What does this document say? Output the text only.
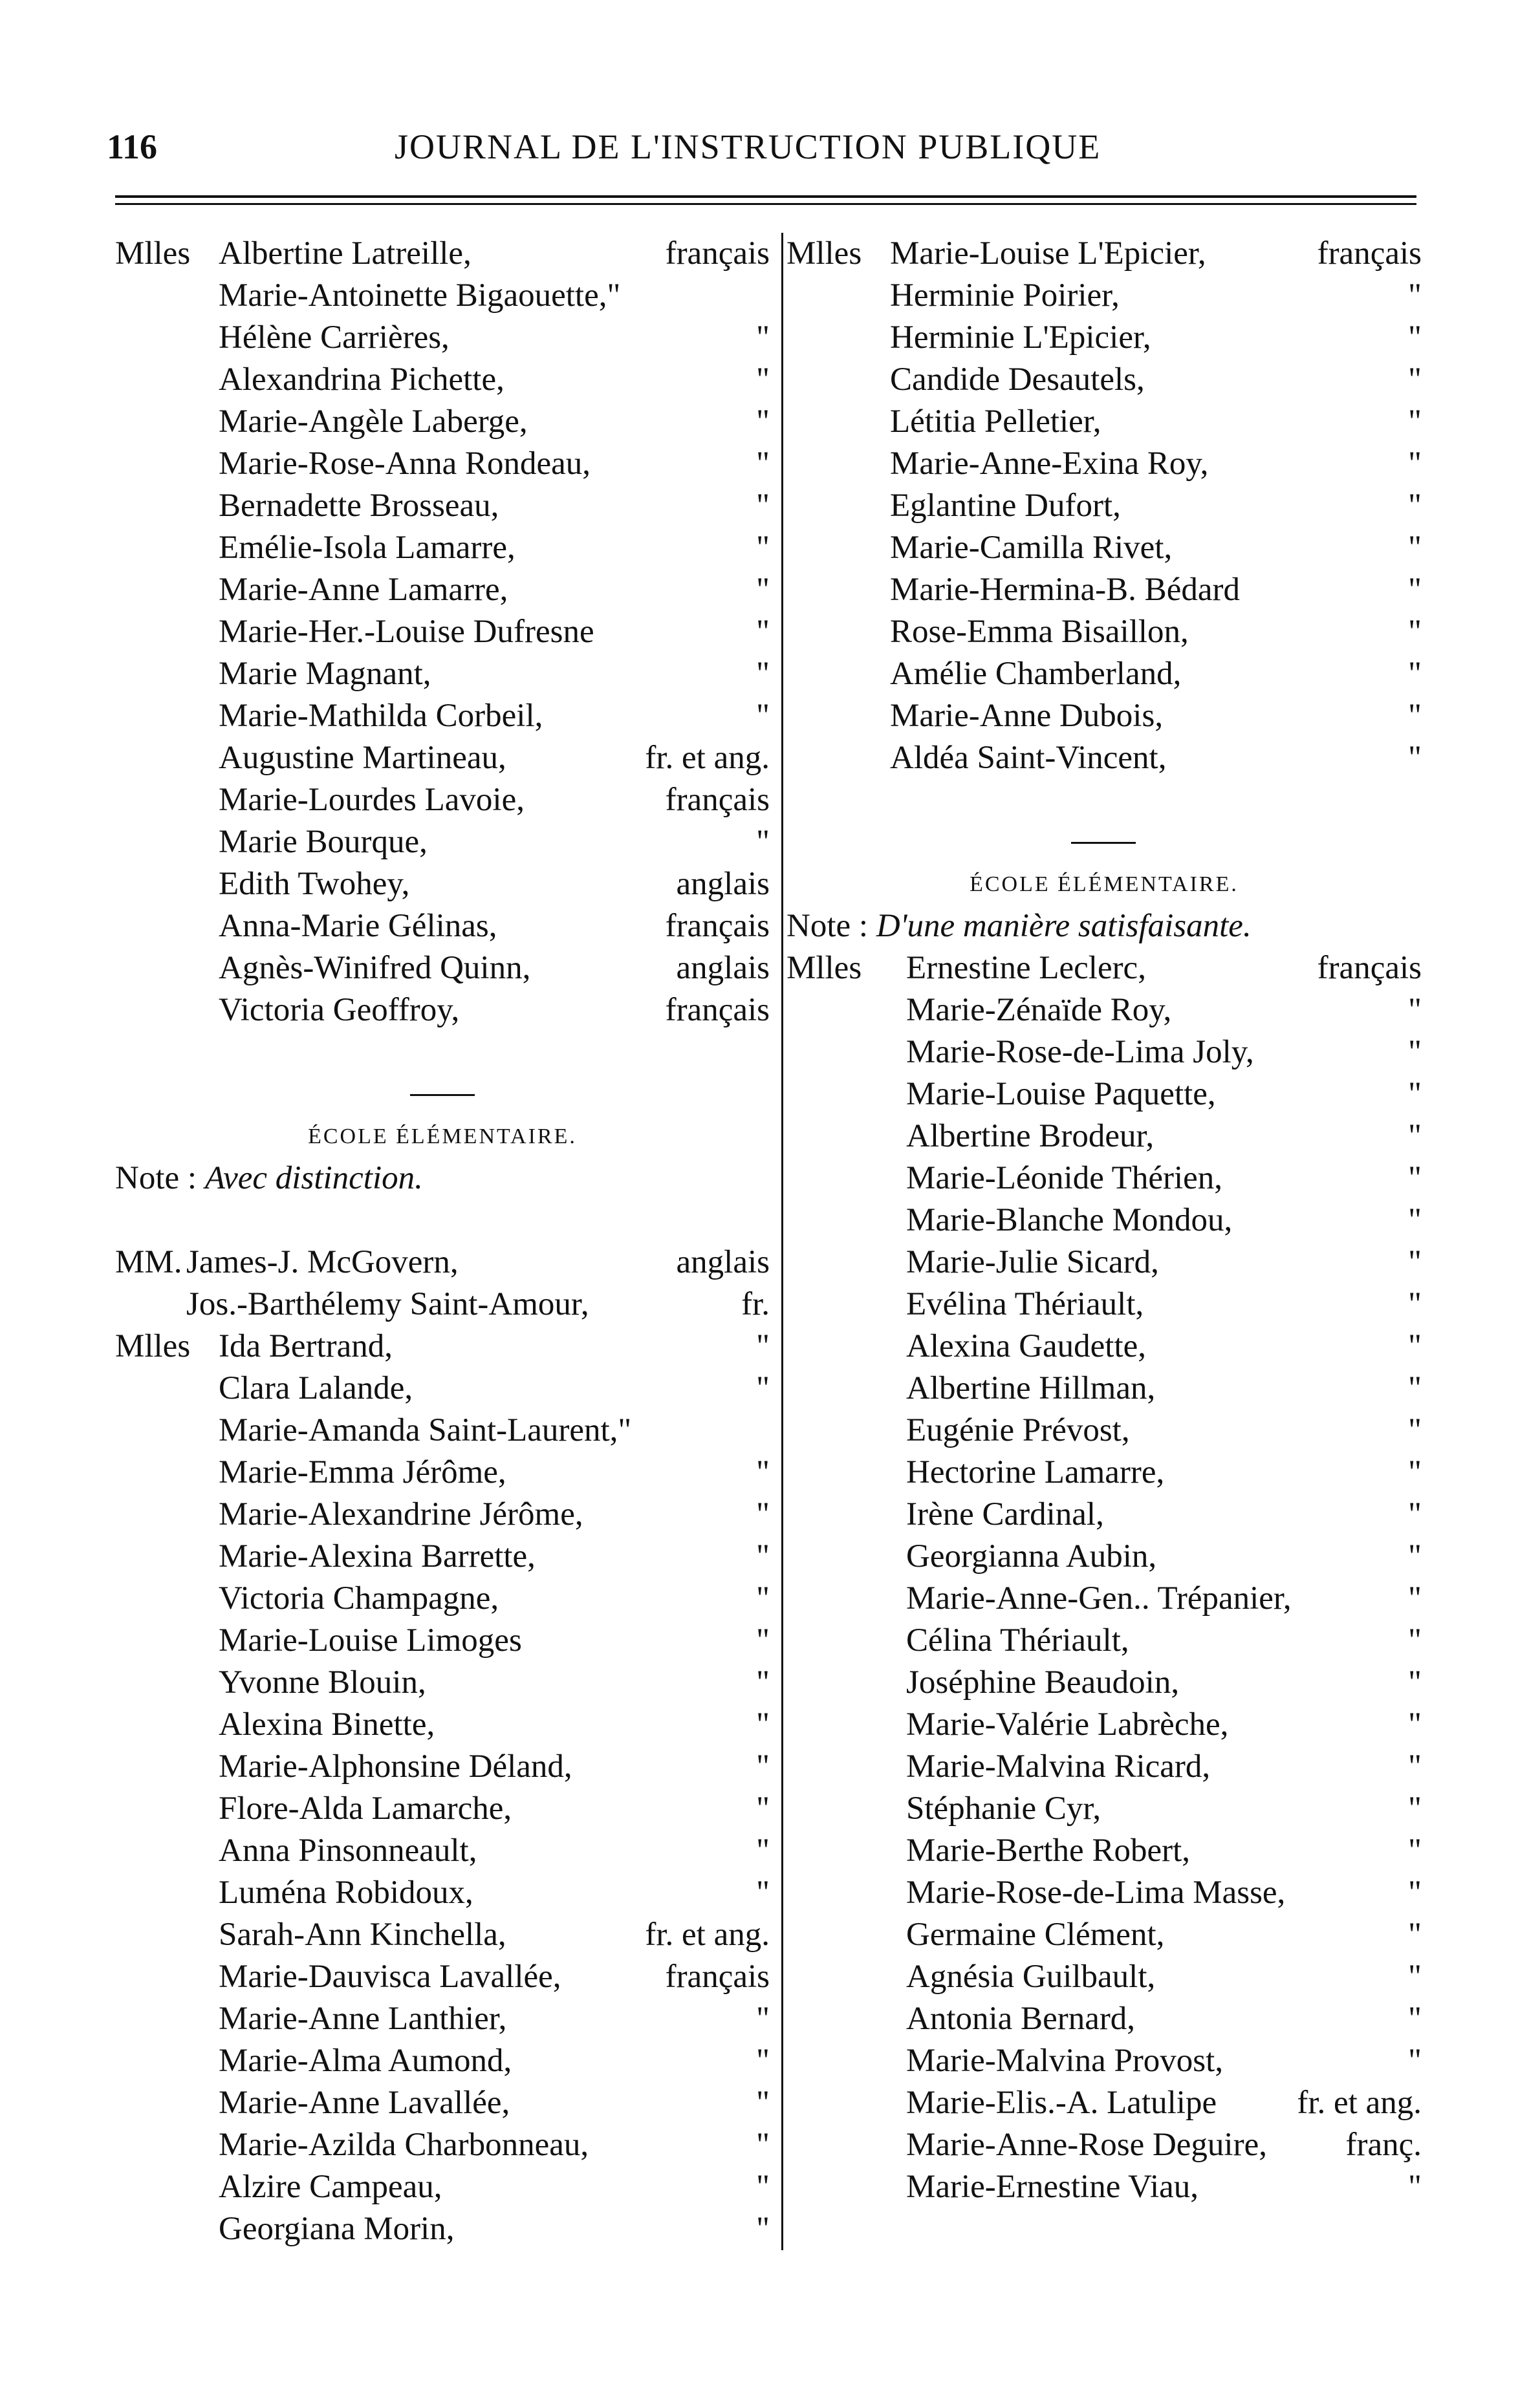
116	JOURNAL DE L'INSTRUCTION PUBLIQUE
Mlles Albertine Latreille,	français
Marie-Antoinette Bigaouette,"
Hélène Carrières,	"
Alexandrina Pichette,	"
Marie-Angèle Laberge,	"
Marie-Rose-Anna Rondeau,	"
Bernadette Brosseau,	"
Emélie-Isola Lamarre,	"
Marie-Anne Lamarre,	"
Marie-Her.-Louise Dufresne	"
Marie Magnant,	"
Marie-Mathilda Corbeil,	"
Augustine Martineau,	fr. et ang.
Marie-Lourdes Lavoie,	français
Marie Bourque,	"
Edith Twohey,	anglais
Anna-Marie Gélinas,	français
Agnès-Winifred Quinn,	anglais
Victoria Geoffroy,	français
ÉCOLE ÉLÉMENTAIRE.
Note : Avec distinction.
MM. James-J. McGovern,	anglais
Jos.-Barthélemy Saint-Amour,	fr.
Mlles Ida Bertrand,	"
Clara Lalande,	"
Marie-Amanda Saint-Laurent,"
Marie-Emma Jérôme,	"
Marie-Alexandrine Jérôme,	"
Marie-Alexina Barrette,	"
Victoria Champagne,	"
Marie-Louise Limoges	"
Yvonne Blouin,	"
Alexina Binette,	"
Marie-Alphonsine Déland,	"
Flore-Alda Lamarche,	"
Anna Pinsonneault,	"
Luména Robidoux,	"
Sarah-Ann Kinchella,	fr. et ang.
Marie-Dauvisca Lavallée,	français
Marie-Anne Lanthier,	"
Marie-Alma Aumond,	"
Marie-Anne Lavallée,	"
Marie-Azilda Charbonneau,	"
Alzire Campeau,	"
Georgiana Morin,	"
Mlles Marie-Louise L'Epicier,	français
Herminie Poirier,	"
Herminie L'Epicier,	"
Candide Desautels,	"
Létitia Pelletier,	"
Marie-Anne-Exina Roy,	"
Eglantine Dufort,	"
Marie-Camilla Rivet,	"
Marie-Hermina-B. Bédard	"
Rose-Emma Bisaillon,	"
Amélie Chamberland,	"
Marie-Anne Dubois,	"
Aldéa Saint-Vincent,	"
ÉCOLE ÉLÉMENTAIRE.
Note : D'une manière satisfaisante.
Mlles Ernestine Leclerc,	français
Marie-Zénaïde Roy,	"
Marie-Rose-de-Lima Joly,	"
Marie-Louise Paquette,	"
Albertine Brodeur,	"
Marie-Léonide Thérien,	"
Marie-Blanche Mondou,	"
Marie-Julie Sicard,	"
Evélina Thériault,	"
Alexina Gaudette,	"
Albertine Hillman,	"
Eugénie Prévost,	"
Hectorine Lamarre,	"
Irène Cardinal,	"
Georgianna Aubin,	"
Marie-Anne-Gen.. Trépanier,	"
Célina Thériault,	"
Joséphine Beaudoin,	"
Marie-Valérie Labrèche,	"
Marie-Malvina Ricard,	"
Stéphanie Cyr,	"
Marie-Berthe Robert,	"
Marie-Rose-de-Lima Masse,	"
Germaine Clément,	"
Agnésia Guilbault,	"
Antonia Bernard,	"
Marie-Malvina Provost,	"
Marie-Elis.-A. Latulipe fr. et ang.
Marie-Anne-Rose Deguire, franç.
Marie-Ernestine Viau,	"
